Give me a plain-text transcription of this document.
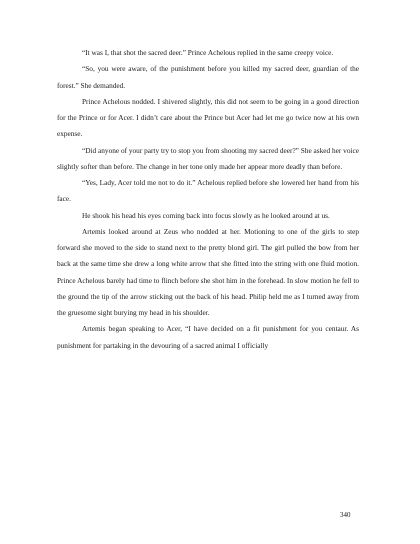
“It was I, that shot the sacred deer.” Prince Achelous replied in the same creepy voice.

“So, you were aware, of the punishment before you killed my sacred deer, guardian of the forest.” She demanded.

Prince Achelous nodded. I shivered slightly, this did not seem to be going in a good direction for the Prince or for Acer. I didn’t care about the Prince but Acer had let me go twice now at his own expense.

“Did anyone of your party try to stop you from shooting my sacred deer?” She asked her voice slightly softer than before. The change in her tone only made her appear more deadly than before.

“Yes, Lady, Acer told me not to do it.” Achelous replied before she lowered her hand from his face.

He shook his head his eyes coming back into focus slowly as he looked around at us.

Artemis looked around at Zeus who nodded at her. Motioning to one of the girls to step forward she moved to the side to stand next to the pretty blond girl. The girl pulled the bow from her back at the same time she drew a long white arrow that she fitted into the string with one fluid motion. Prince Achelous barely had time to flinch before she shot him in the forehead. In slow motion he fell to the ground the tip of the arrow sticking out the back of his head. Philip held me as I turned away from the gruesome sight burying my head in his shoulder.

Artemis began speaking to Acer, “I have decided on a fit punishment for you centaur. As punishment for partaking in the devouring of a sacred animal I officially

340
